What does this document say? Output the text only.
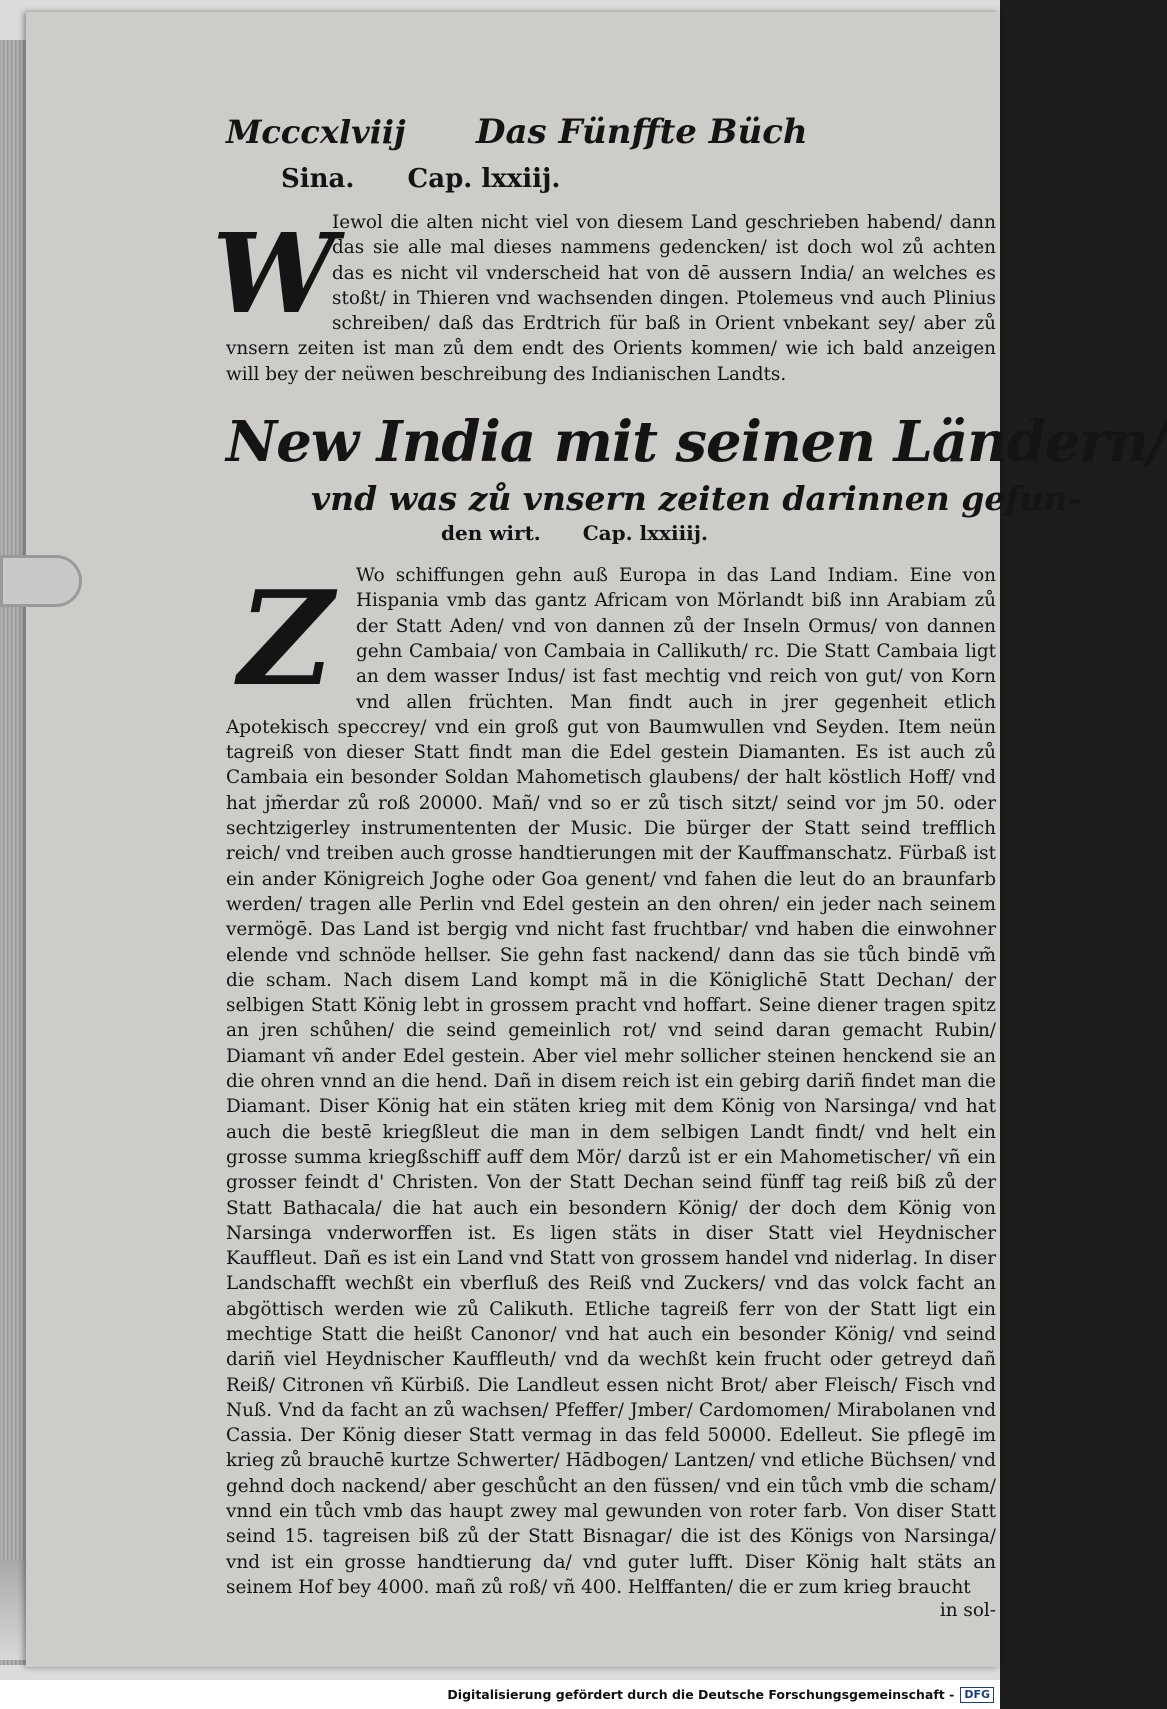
Mcccxlviij	Das Fünffte Büch
Sina. Cap. lxxiij.
W
Iewol die alten nicht viel von diesem Land geschrieben habend/ dann das sie alle mal dieses nammens gedencken/ ist doch wol zů achten das es nicht vil vnderscheid hat von dē aussern India/ an welches es stoßt/ in Thieren vnd wachsenden dingen. Ptolemeus vnd auch Plinius schreiben/ daß das Erdtrich für baß in Orient vnbekant sey/ aber zů vnsern zeiten ist man zů dem endt des Orients kommen/ wie ich bald anzeigen will bey der neüwen beschreibung des Indianischen Landts.
New India mit seinen Ländern/
vnd was zů vnsern zeiten darinnen gefun-
den wirt. Cap. lxxiiij.
Z	Wo schiffungen gehn auß Europa in das Land Indiam. Eine von Hispania vmb das gantz Africam von Mörlandt biß inn Arabiam zů der Statt Aden/ vnd von dannen zů der Inseln Ormus/ von dannen gehn Cambaia/ von Cambaia in Callikuth/ rc. Die Statt Cambaia ligt an dem wasser Indus/ ist fast mechtig vnd reich von gut/ von Korn vnd allen früchten. Man findt auch in jrer gegenheit etlich Apotekisch speccrey/ vnd ein groß gut von Baumwullen vnd Seyden. Item neün tagreiß von dieser Statt findt man die Edel gestein Diamanten. Es ist auch zů Cambaia ein besonder Soldan Mahometisch glaubens/ der halt köstlich Hoff/ vnd hat jm̃erdar zů roß 20000. Mañ/ vnd so er zů tisch sitzt/ seind vor jm 50. oder sechtzigerley instrumententen der Music. Die bürger der Statt seind trefflich reich/ vnd treiben auch grosse handtierungen mit der Kauffmanschatz. Fürbaß ist ein ander Königreich Joghe oder Goa genent/ vnd fahen die leut do an braunfarb werden/ tragen alle Perlin vnd Edel gestein an den ohren/ ein jeder nach seinem vermögē. Das Land ist bergig vnd nicht fast fruchtbar/ vnd haben die einwohner elende vnd schnöde hellser. Sie gehn fast nackend/ dann das sie tůch bindē vm̃ die scham. Nach disem Land kompt mã in die Königlichē Statt Dechan/ der selbigen Statt König lebt in grossem pracht vnd hoffart. Seine diener tragen spitz an jren schůhen/ die seind gemeinlich rot/ vnd seind daran gemacht Rubin/ Diamant vñ ander Edel gestein. Aber viel mehr sollicher steinen henckend sie an die ohren vnnd an die hend. Dañ in disem reich ist ein gebirg dariñ findet man die Diamant. Diser König hat ein stäten krieg mit dem König von Narsinga/ vnd hat auch die bestē kriegßleut die man in dem selbigen Landt findt/ vnd helt ein grosse summa kriegßschiff auff dem Mör/ darzů ist er ein Mahometischer/ vñ ein grosser feindt d' Christen. Von der Statt Dechan seind fünff tag reiß biß zů der Statt Bathacala/ die hat auch ein besondern König/ der doch dem König von Narsinga vnderworffen ist. Es ligen stäts in diser Statt viel Heydnischer Kauffleut. Dañ es ist ein Land vnd Statt von grossem handel vnd niderlag. In diser Landschafft wechßt ein vberfluß des Reiß vnd Zuckers/ vnd das volck facht an abgöttisch werden wie zů Calikuth. Etliche tagreiß ferr von der Statt ligt ein mechtige Statt die heißt Canonor/ vnd hat auch ein besonder König/ vnd seind dariñ viel Heydnischer Kauffleuth/ vnd da wechßt kein frucht oder getreyd dañ Reiß/ Citronen vñ Kürbiß. Die Landleut essen nicht Brot/ aber Fleisch/ Fisch vnd Nuß. Vnd da facht an zů wachsen/ Pfeffer/ Jmber/ Cardomomen/ Mirabolanen vnd Cassia. Der König dieser Statt vermag in das feld 50000. Edelleut. Sie pflegē im krieg zů brauchē kurtze Schwerter/ Hādbogen/ Lantzen/ vnd etliche Büchsen/ vnd gehnd doch nackend/ aber geschůcht an den füssen/ vnd ein tůch vmb die scham/ vnnd ein tůch vmb das haupt zwey mal gewunden von roter farb. Von diser Statt seind 15. tagreisen biß zů der Statt Bisnagar/ die ist des Königs von Narsinga/ vnd ist ein grosse handtierung da/ vnd guter lufft. Diser König halt stäts an seinem Hof bey 4000. mañ zů roß/ vñ 400. Helffanten/ die er zum krieg braucht
in sol-
Digitalisierung gefördert durch die Deutsche Forschungsgemeinschaft - DFG
